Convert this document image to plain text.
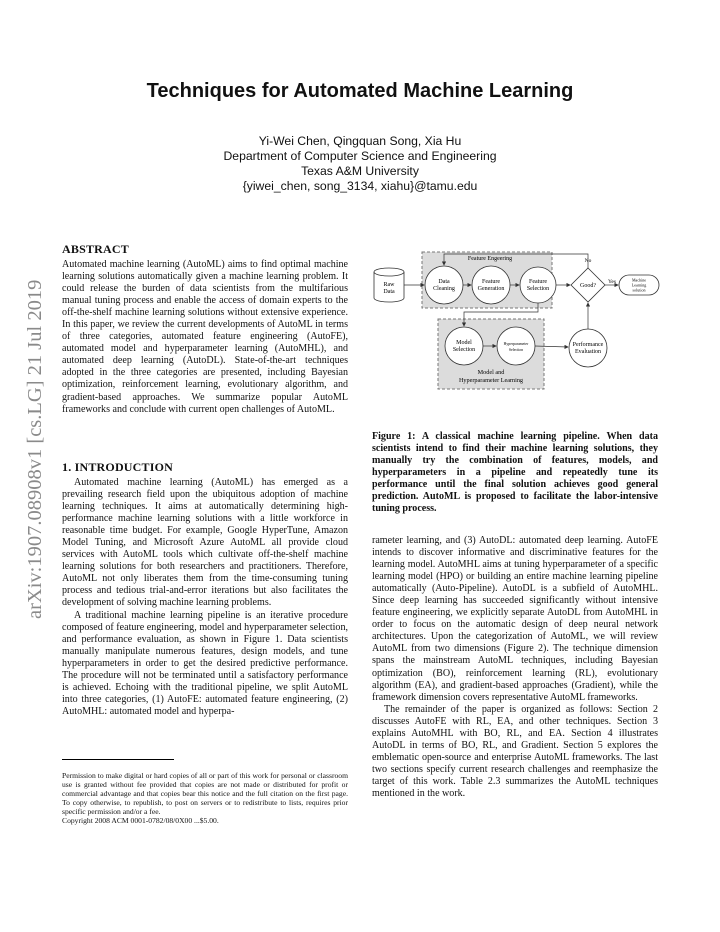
arXiv:1907.08908v1 [cs.LG] 21 Jul 2019
Techniques for Automated Machine Learning
Yi-Wei Chen, Qingquan Song, Xia Hu
Department of Computer Science and Engineering
Texas A&M University
{yiwei_chen, song_3134, xiahu}@tamu.edu
ABSTRACT

Automated machine learning (AutoML) aims to find optimal machine learning solutions automatically given a machine learning problem. It could release the burden of data scientists from the multifarious manual tuning process and enable the access of domain experts to the off-the-shelf machine learning solutions without extensive experience. In this paper, we review the current developments of AutoML in terms of three categories, automated feature engineering (AutoFE), automated model and hyperparameter learning (AutoMHL), and automated deep learning (AutoDL). State-of-the-art techniques adopted in the three categories are presented, including Bayesian optimization, reinforcement learning, evolutionary algorithm, and gradient-based approaches. We summarize popular AutoML frameworks and conclude with current open challenges of AutoML.

1. INTRODUCTION

Automated machine learning (AutoML) has emerged as a prevailing research field upon the ubiquitous adoption of machine learning techniques. It aims at automatically determining high-performance machine learning solutions with a little workforce in reasonable time budget. For example, Google HyperTune, Amazon Model Tuning, and Microsoft Azure AutoML all provide cloud services with AutoML tools which cultivate off-the-shelf machine learning solutions for both researchers and practitioners. Therefore, AutoML not only liberates them from the time-consuming tuning process and tedious trial-and-error iterations but also facilitates the development of solving machine learning problems.

A traditional machine learning pipeline is an iterative procedure composed of feature engineering, model and hyperparameter selection, and performance evaluation, as shown in Figure 1. Data scientists manually manipulate numerous features, design models, and tune hyperparameters in order to get the desired predictive performance. The procedure will not be terminated until a satisfactory performance is achieved. Echoing with the traditional pipeline, we split AutoML into three categories, (1) AutoFE: automated feature engineering, (2) AutoMHL: automated model and hyperpa-

Permission to make digital or hard copies of all or part of this work for personal or classroom use is granted without fee provided that copies are not made or distributed for profit or commercial advantage and that copies bear this notice and the full citation on the first page. To copy otherwise, to republish, to post on servers or to redistribute to lists, requires prior specific permission and/or a fee.
Copyright 2008 ACM 0001-0782/08/0X00 ...$5.00.
Feature Engeering
Raw
Data
Data
Cleaning
Feature
Generation
Feature
Selection
Model
Selection
Hyperparameter
Selection
Model and
Hyperparameter Learning
Performance
Evaluation
Good?
Machine
Learning
solution
Yes
No
Figure 1: A classical machine learning pipeline. When data scientists intend to find their machine learning solutions, they manually try the combination of features, models, and hyperparameters in a pipeline and repeatedly tune its performance until the final solution achieves good general prediction. AutoML is proposed to facilitate the labor-intensive tuning process.

rameter learning, and (3) AutoDL: automated deep learning. AutoFE intends to discover informative and discriminative features for the learning model. AutoMHL aims at tuning hyperparameter of a specific learning model (HPO) or building an entire machine learning pipeline automatically (Auto-Pipeline). AutoDL is a subfield of AutoMHL. Since deep learning has succeeded significantly without intensive feature engineering, we explicitly separate AutoDL from AutoMHL in order to focus on the automatic design of deep neural network architectures. Upon the categorization of AutoML, we will review AutoML from two dimensions (Figure 2). The technique dimension spans the mainstream AutoML techniques, including Bayesian optimization (BO), reinforcement learning (RL), evolutionary algorithm (EA), and gradient-based approaches (Gradient), while the framework dimension covers representative AutoML frameworks.

The remainder of the paper is organized as follows: Section 2 discusses AutoFE with RL, EA, and other techniques. Section 3 explains AutoMHL with BO, RL, and EA. Section 4 illustrates AutoDL in terms of BO, RL, and Gradient. Section 5 explores the emblematic open-source and enterprise AutoML frameworks. The last two sections specify current research challenges and reemphasize the target of this work. Table 2.3 summarizes the AutoML techniques mentioned in the work.
